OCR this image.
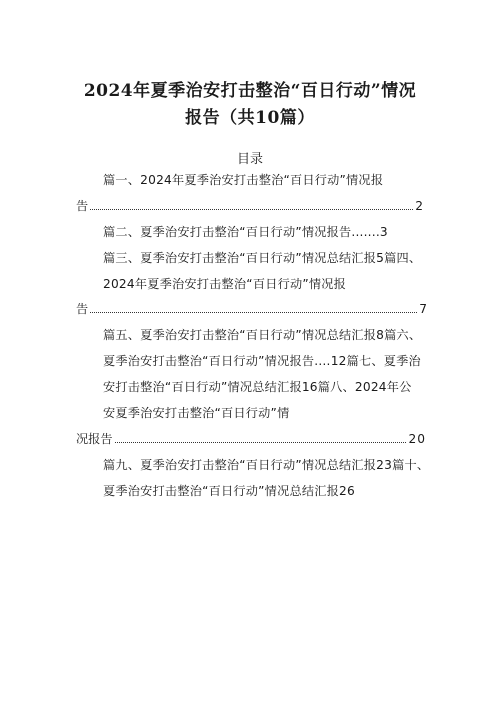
2024年夏季治安打击整治“百日行动”情况
报告（共10篇）
目录
篇一、2024年夏季治安打击整治“百日行动”情况报
告	2
篇二、夏季治安打击整治“百日行动”情况报告.......3
篇三、夏季治安打击整治“百日行动”情况总结汇报5篇四、
2024年夏季治安打击整治“百日行动”情况报
告	7
篇五、夏季治安打击整治“百日行动”情况总结汇报8篇六、
夏季治安打击整治“百日行动”情况报告.…12篇七、夏季治
安打击整治“百日行动”情况总结汇报16篇八、2024年公
安夏季治安打击整治“百日行动”情
况报告	20
篇九、夏季治安打击整治“百日行动”情况总结汇报23篇十、
夏季治安打击整治“百日行动”情况总结汇报26
